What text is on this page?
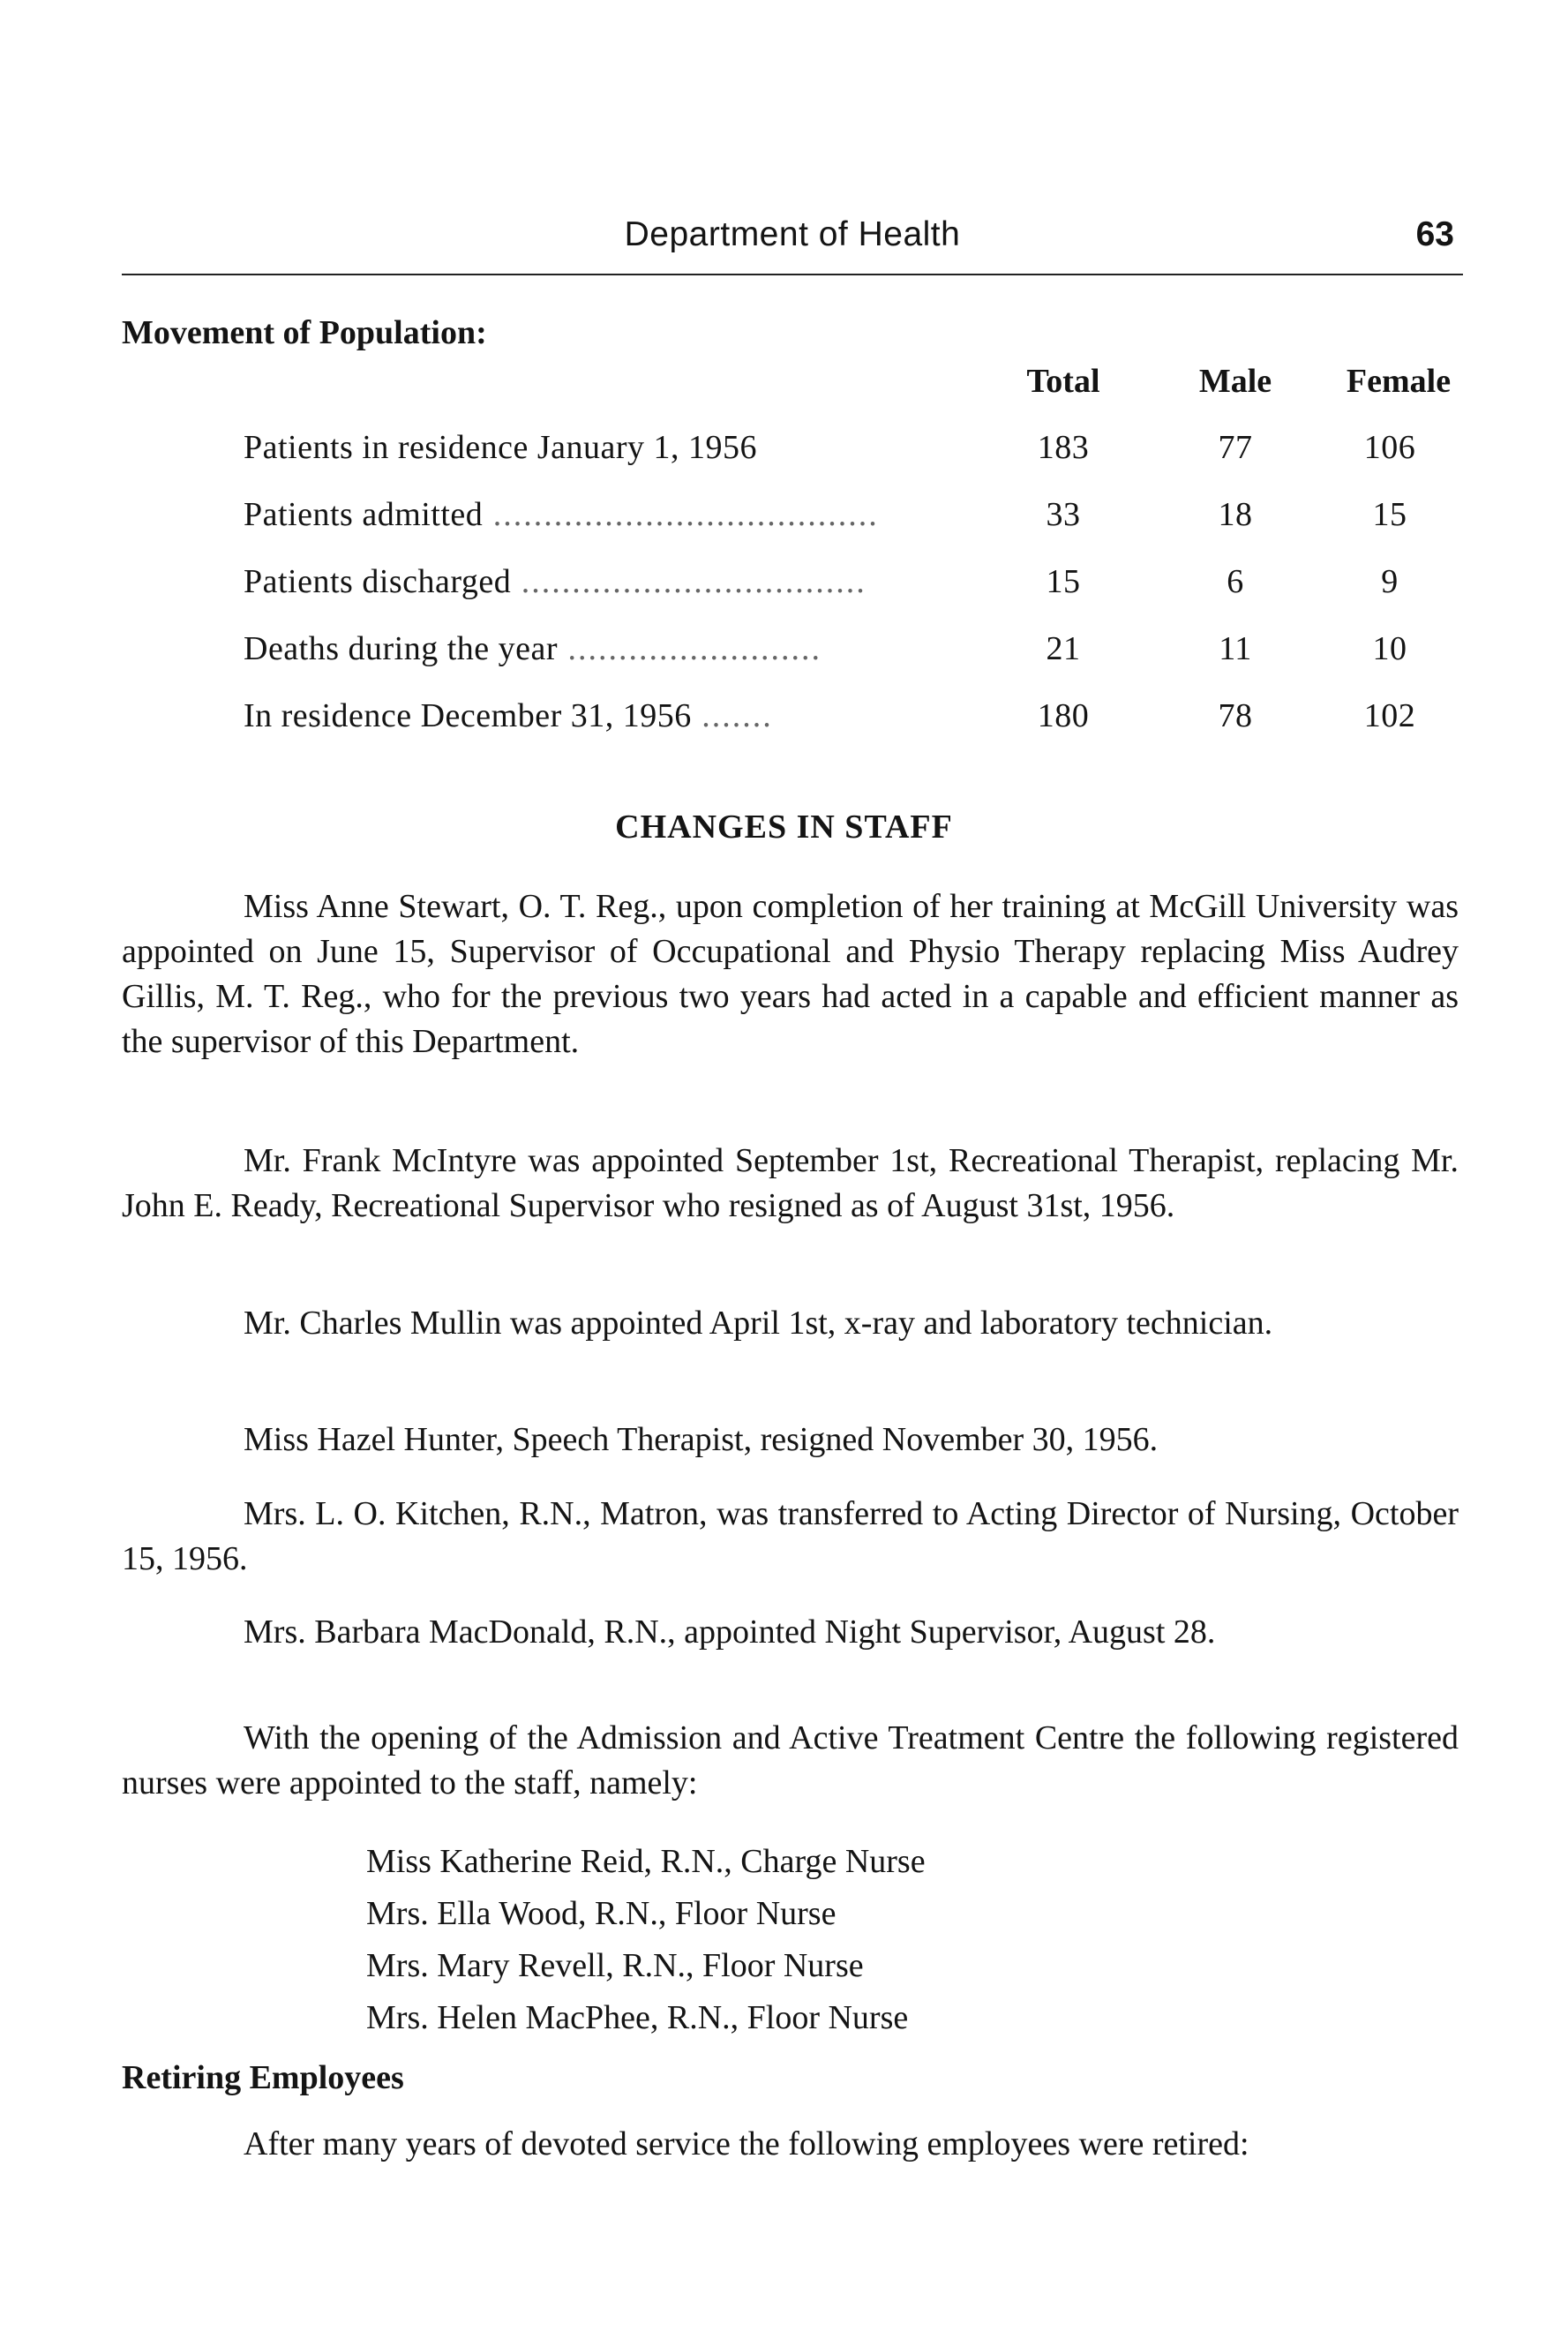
Department of Health	63
Movement of Population:
Total	Male	Female
Patients in residence January 1, 1956	183	77	106
Patients admitted ......................................	33	18	15
Patients discharged ..................................	15	6	9
Deaths during the year .........................	21	11	10
In residence December 31, 1956 .......	180	78	102
CHANGES IN STAFF

Miss Anne Stewart, O. T. Reg., upon completion of her training at McGill University was appointed on June 15, Supervisor of Occupational and Physio Therapy replacing Miss Audrey Gillis, M. T. Reg., who for the previous two years had acted in a capable and efficient manner as the supervisor of this Department.

Mr. Frank McIntyre was appointed September 1st, Recreational Therapist, replacing Mr. John E. Ready, Recreational Supervisor who resigned as of August 31st, 1956.

Mr. Charles Mullin was appointed April 1st, x-ray and laboratory technician.

Miss Hazel Hunter, Speech Therapist, resigned November 30, 1956.

Mrs. L. O. Kitchen, R.N., Matron, was transferred to Acting Director of Nursing, October 15, 1956.

Mrs. Barbara MacDonald, R.N., appointed Night Supervisor, August 28.

With the opening of the Admission and Active Treatment Centre the following registered nurses were appointed to the staff, namely:

Miss Katherine Reid, R.N., Charge Nurse
Mrs. Ella Wood, R.N., Floor Nurse
Mrs. Mary Revell, R.N., Floor Nurse
Mrs. Helen MacPhee, R.N., Floor Nurse
Retiring Employees

After many years of devoted service the following employees were retired:
